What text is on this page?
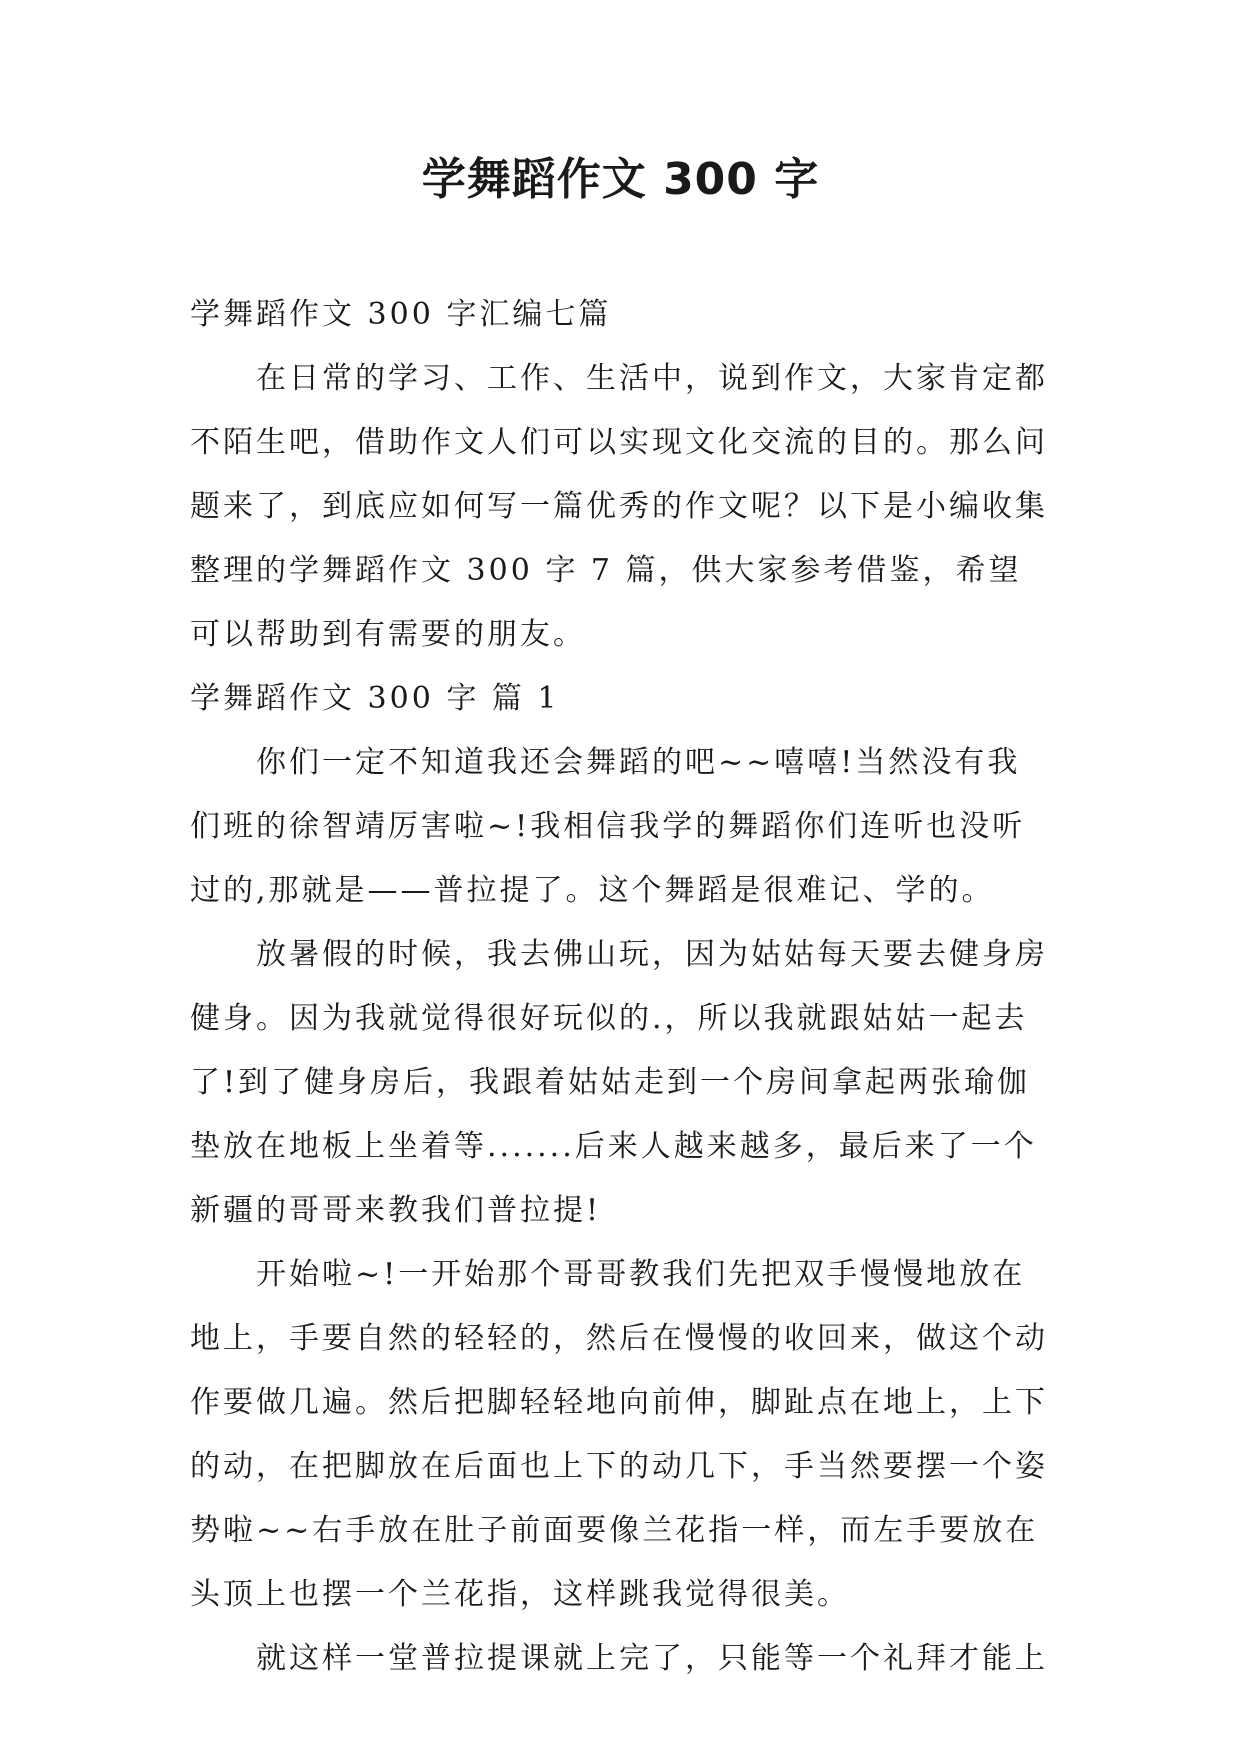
学舞蹈作文 300 字

学舞蹈作文 300 字汇编七篇

在日常的学习、工作、生活中，说到作文，大家肯定都不陌生吧，借助作文人们可以实现文化交流的目的。那么问题来了，到底应如何写一篇优秀的作文呢？以下是小编收集整理的学舞蹈作文 300 字 7 篇，供大家参考借鉴，希望可以帮助到有需要的朋友。

学舞蹈作文 300 字 篇 1

你们一定不知道我还会舞蹈的吧~~嘻嘻!当然没有我们班的徐智靖厉害啦~!我相信我学的舞蹈你们连听也没听过的,那就是——普拉提了。这个舞蹈是很难记、学的。

放暑假的时候，我去佛山玩，因为姑姑每天要去健身房健身。因为我就觉得很好玩似的.，所以我就跟姑姑一起去了!到了健身房后，我跟着姑姑走到一个房间拿起两张瑜伽垫放在地板上坐着等.......后来人越来越多，最后来了一个新疆的哥哥来教我们普拉提!

开始啦~!一开始那个哥哥教我们先把双手慢慢地放在地上，手要自然的轻轻的，然后在慢慢的收回来，做这个动作要做几遍。然后把脚轻轻地向前伸，脚趾点在地上，上下的动，在把脚放在后面也上下的动几下，手当然要摆一个姿势啦~~右手放在肚子前面要像兰花指一样，而左手要放在头顶上也摆一个兰花指，这样跳我觉得很美。

就这样一堂普拉提课就上完了，只能等一个礼拜才能上
